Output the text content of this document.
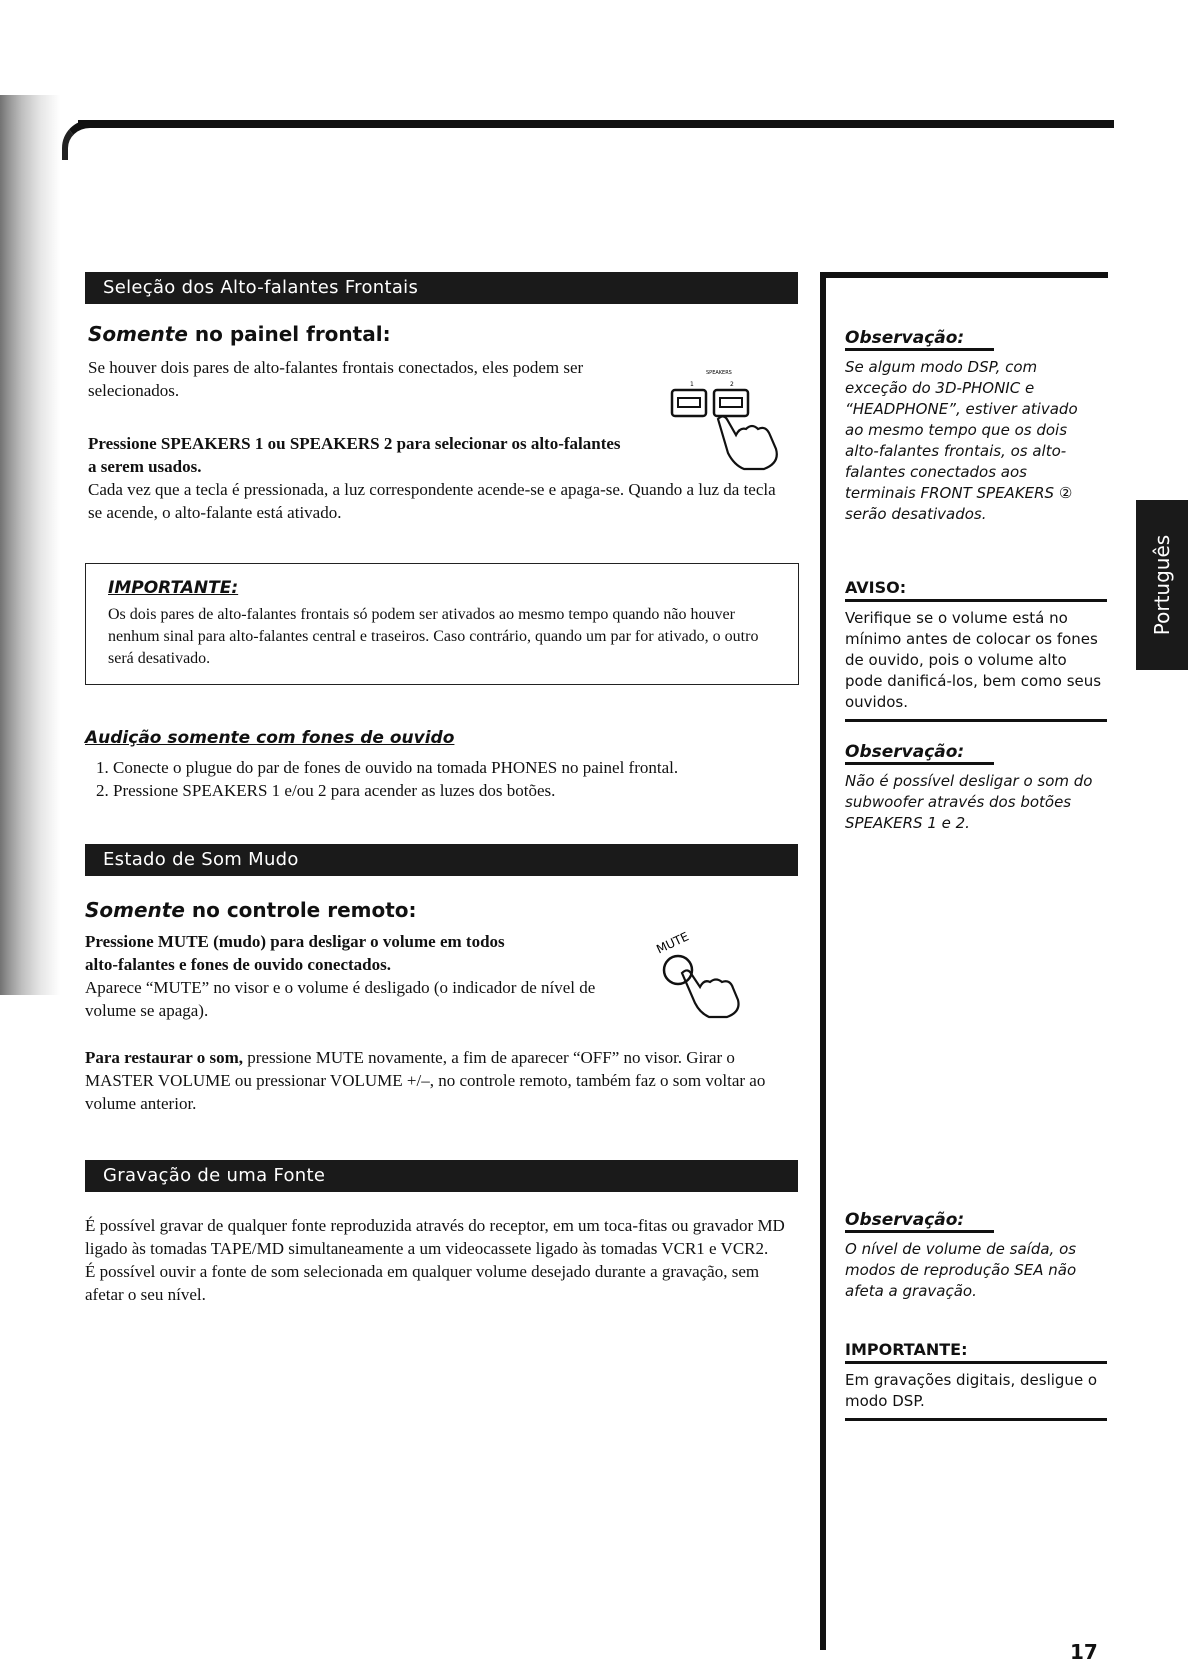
Seleção dos Alto-falantes Frontais
Somente no painel frontal:

Se houver dois pares de alto-falantes frontais conectados, eles podem ser selecionados.

SPEAKERS
1	2

Pressione SPEAKERS 1 ou SPEAKERS 2 para selecionar os alto-falantes a serem usados.

Cada vez que a tecla é pressionada, a luz correspondente acende-se e apaga-se. Quando a luz da tecla se acende, o alto-falante está ativado.

IMPORTANTE:

Os dois pares de alto-falantes frontais só podem ser ativados ao mesmo tempo quando não houver nenhum sinal para alto-falantes central e traseiros. Caso contrário, quando um par for ativado, o outro será desativado.

Audição somente com fones de ouvido
1. Conecte o plugue do par de fones de ouvido na tomada PHONES no painel frontal.
2. Pressione SPEAKERS 1 e/ou 2 para acender as luzes dos botões.
Estado de Som Mudo
Somente no controle remoto:

Pressione MUTE (mudo) para desligar o volume em todos alto-falantes e fones de ouvido conectados.

Aparece “MUTE” no visor e o volume é desligado (o indicador de nível de volume se apaga).

MUTE

Para restaurar o som, pressione MUTE novamente, a fim de aparecer “OFF” no visor. Girar o MASTER VOLUME ou pressionar VOLUME +/–, no controle remoto, também faz o som voltar ao volume anterior.

Gravação de uma Fonte

É possível gravar de qualquer fonte reproduzida através do receptor, em um toca-fitas ou gravador MD ligado às tomadas TAPE/MD simultaneamente a um videocassete ligado às tomadas VCR1 e VCR2.

É possível ouvir a fonte de som selecionada em qualquer volume desejado durante a gravação, sem afetar o seu nível.

Observação:

Se algum modo DSP, com exceção do 3D-PHONIC e “HEADPHONE”, estiver ativado ao mesmo tempo que os dois alto-falantes frontais, os alto-falantes conectados aos terminais FRONT SPEAKERS ② serão desativados.

AVISO:

Verifique se o volume está no mínimo antes de colocar os fones de ouvido, pois o volume alto pode danificá-los, bem como seus ouvidos.

Observação:

Não é possível desligar o som do subwoofer através dos botões SPEAKERS 1 e 2.

Observação:

O nível de volume de saída, os modos de reprodução SEA não afeta a gravação.

IMPORTANTE:

Em gravações digitais, desligue o modo DSP.

Português
17
